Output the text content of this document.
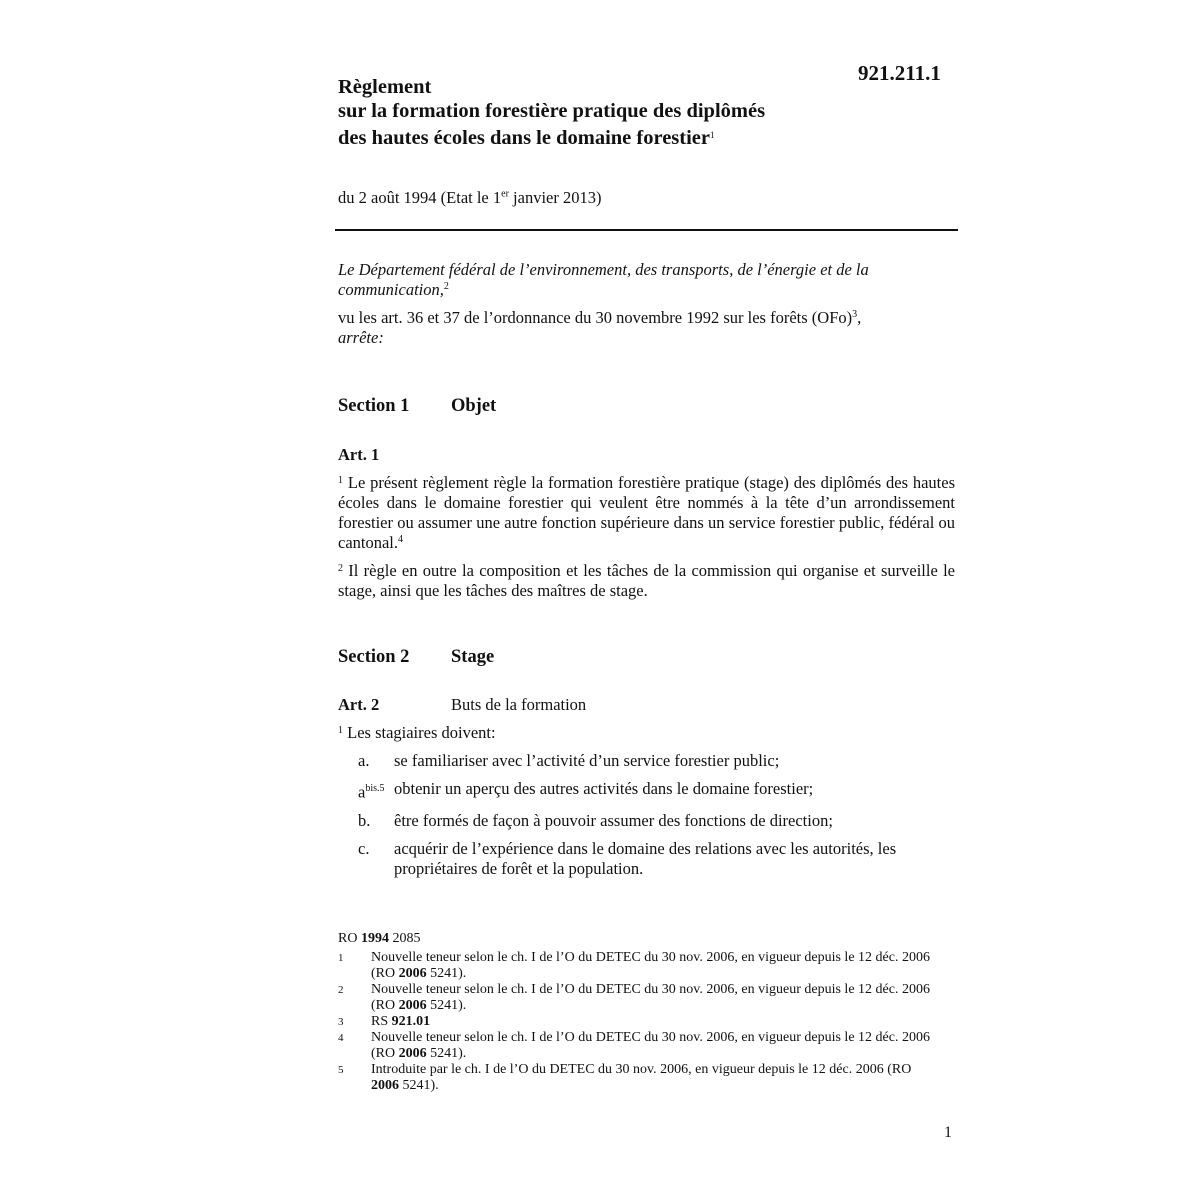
921.211.1
Règlement
sur la formation forestière pratique des diplômés
des hautes écoles dans le domaine forestier$^1$
du 2 août 1994 (Etat le 1er janvier 2013)
Le Département fédéral de l’environnement, des transports, de l’énergie et de la communication,$^2$

vu les art. 36 et 37 de l’ordonnance du 30 novembre 1992 sur les forêts (OFo)$^3$,

arrête:

Section 1 Objet
Art. 1

$^1$ Le présent règlement règle la formation forestière pratique (stage) des diplômés des hautes écoles dans le domaine forestier qui veulent être nommés à la tête d’un arrondissement forestier ou assumer une autre fonction supérieure dans un service forestier public, fédéral ou cantonal.$^4$

$^2$ Il règle en outre la composition et les tâches de la commission qui organise et surveille le stage, ainsi que les tâches des maîtres de stage.

Section 2 Stage
Art. 2	Buts de la formation

$^1$ Les stagiaires doivent:

a.	se familiariser avec l’activité d’un service forestier public;
$a^{bis.5}$ obtenir un aperçu des autres activités dans le domaine forestier;
b.	être formés de façon à pouvoir assumer des fonctions de direction;
c.	acquérir de l’expérience dans le domaine des relations avec les autorités, les propriétaires de forêt et la population.
RO 1994 2085
1	Nouvelle teneur selon le ch. I de l’O du DETEC du 30 nov. 2006, en vigueur depuis le 12 déc. 2006 (RO 2006 5241).
2	Nouvelle teneur selon le ch. I de l’O du DETEC du 30 nov. 2006, en vigueur depuis le 12 déc. 2006 (RO 2006 5241).
3	RS 921.01
4	Nouvelle teneur selon le ch. I de l’O du DETEC du 30 nov. 2006, en vigueur depuis le 12 déc. 2006 (RO 2006 5241).
5	Introduite par le ch. I de l’O du DETEC du 30 nov. 2006, en vigueur depuis le 12 déc. 2006 (RO 2006 5241).
1
